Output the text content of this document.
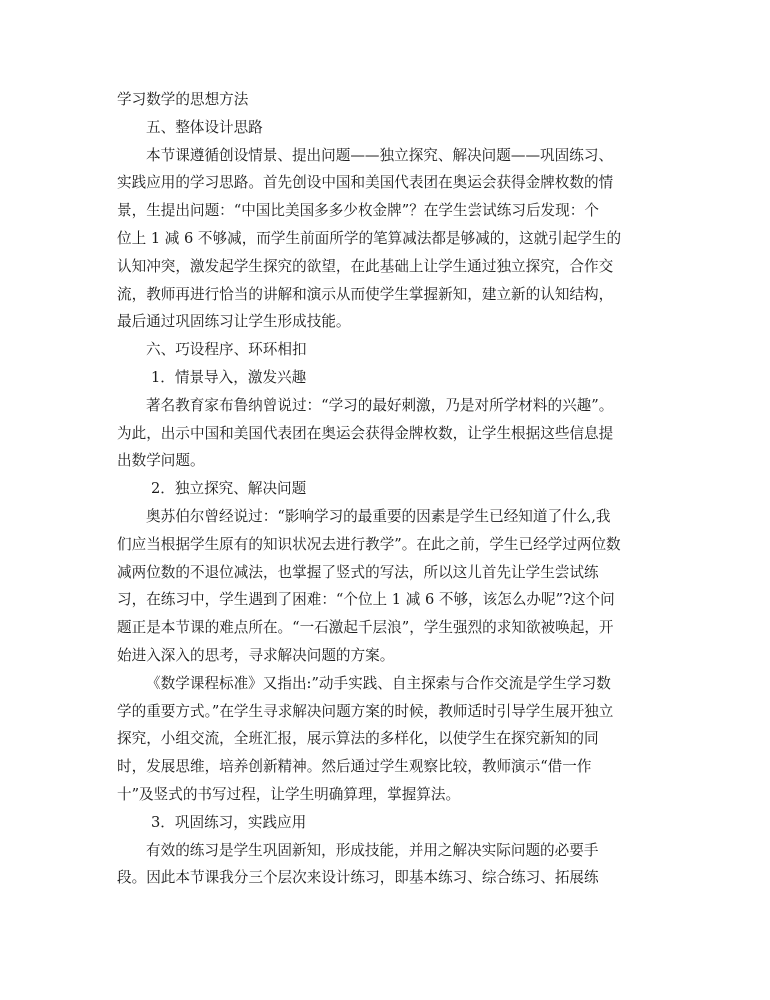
学习数学的思想方法

五、整体设计思路

本节课遵循创设情景、提出问题——独立探究、解决问题——巩固练习、

实践应用的学习思路。首先创设中国和美国代表团在奥运会获得金牌枚数的情

景，生提出问题：“中国比美国多多少枚金牌”？在学生尝试练习后发现：个

位上 1 减 6 不够减，而学生前面所学的笔算减法都是够减的，这就引起学生的

认知冲突，激发起学生探究的欲望，在此基础上让学生通过独立探究，合作交

流，教师再进行恰当的讲解和演示从而使学生掌握新知，建立新的认知结构，

最后通过巩固练习让学生形成技能。

六、巧设程序、环环相扣

1．情景导入，激发兴趣

著名教育家布鲁纳曾说过：“学习的最好刺激，乃是对所学材料的兴趣”。

为此，出示中国和美国代表团在奥运会获得金牌枚数，让学生根据这些信息提

出数学问题。

2．独立探究、解决问题

奥苏伯尔曾经说过：“影响学习的最重要的因素是学生已经知道了什么,我

们应当根据学生原有的知识状况去进行教学”。在此之前，学生已经学过两位数

减两位数的不退位减法，也掌握了竖式的写法，所以这儿首先让学生尝试练

习，在练习中，学生遇到了困难：“个位上 1 减 6 不够，该怎么办呢”?这个问

题正是本节课的难点所在。“一石激起千层浪”，学生强烈的求知欲被唤起，开

始进入深入的思考，寻求解决问题的方案。

《数学课程标准》又指出:”动手实践、自主探索与合作交流是学生学习数

学的重要方式。”在学生寻求解决问题方案的时候，教师适时引导学生展开独立

探究，小组交流，全班汇报，展示算法的多样化，以使学生在探究新知的同

时，发展思维，培养创新精神。然后通过学生观察比较，教师演示“借一作

十”及竖式的书写过程，让学生明确算理，掌握算法。

3．巩固练习，实践应用

有效的练习是学生巩固新知，形成技能，并用之解决实际问题的必要手

段。因此本节课我分三个层次来设计练习，即基本练习、综合练习、拓展练
